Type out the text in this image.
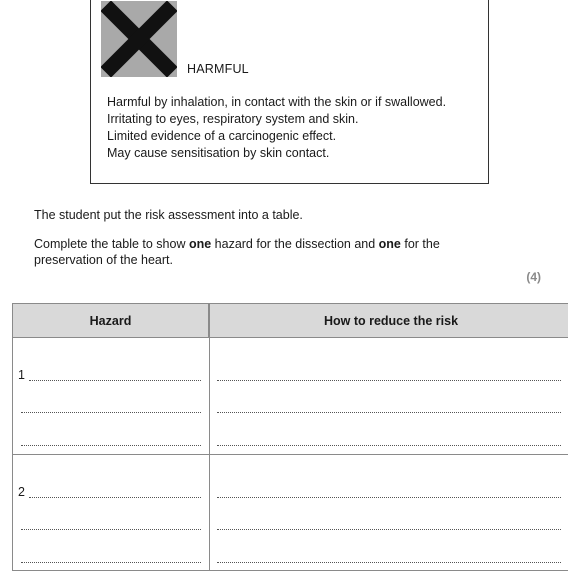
HARMFUL
Harmful by inhalation, in contact with the skin or if swallowed.
Irritating to eyes, respiratory system and skin.
Limited evidence of a carcinogenic effect.
May cause sensitisation by skin contact.
The student put the risk assessment into a table.
Complete the table to show one hazard for the dissection and one for the
preservation of the heart.
(4)
Hazard	How to reduce the risk
1
2
